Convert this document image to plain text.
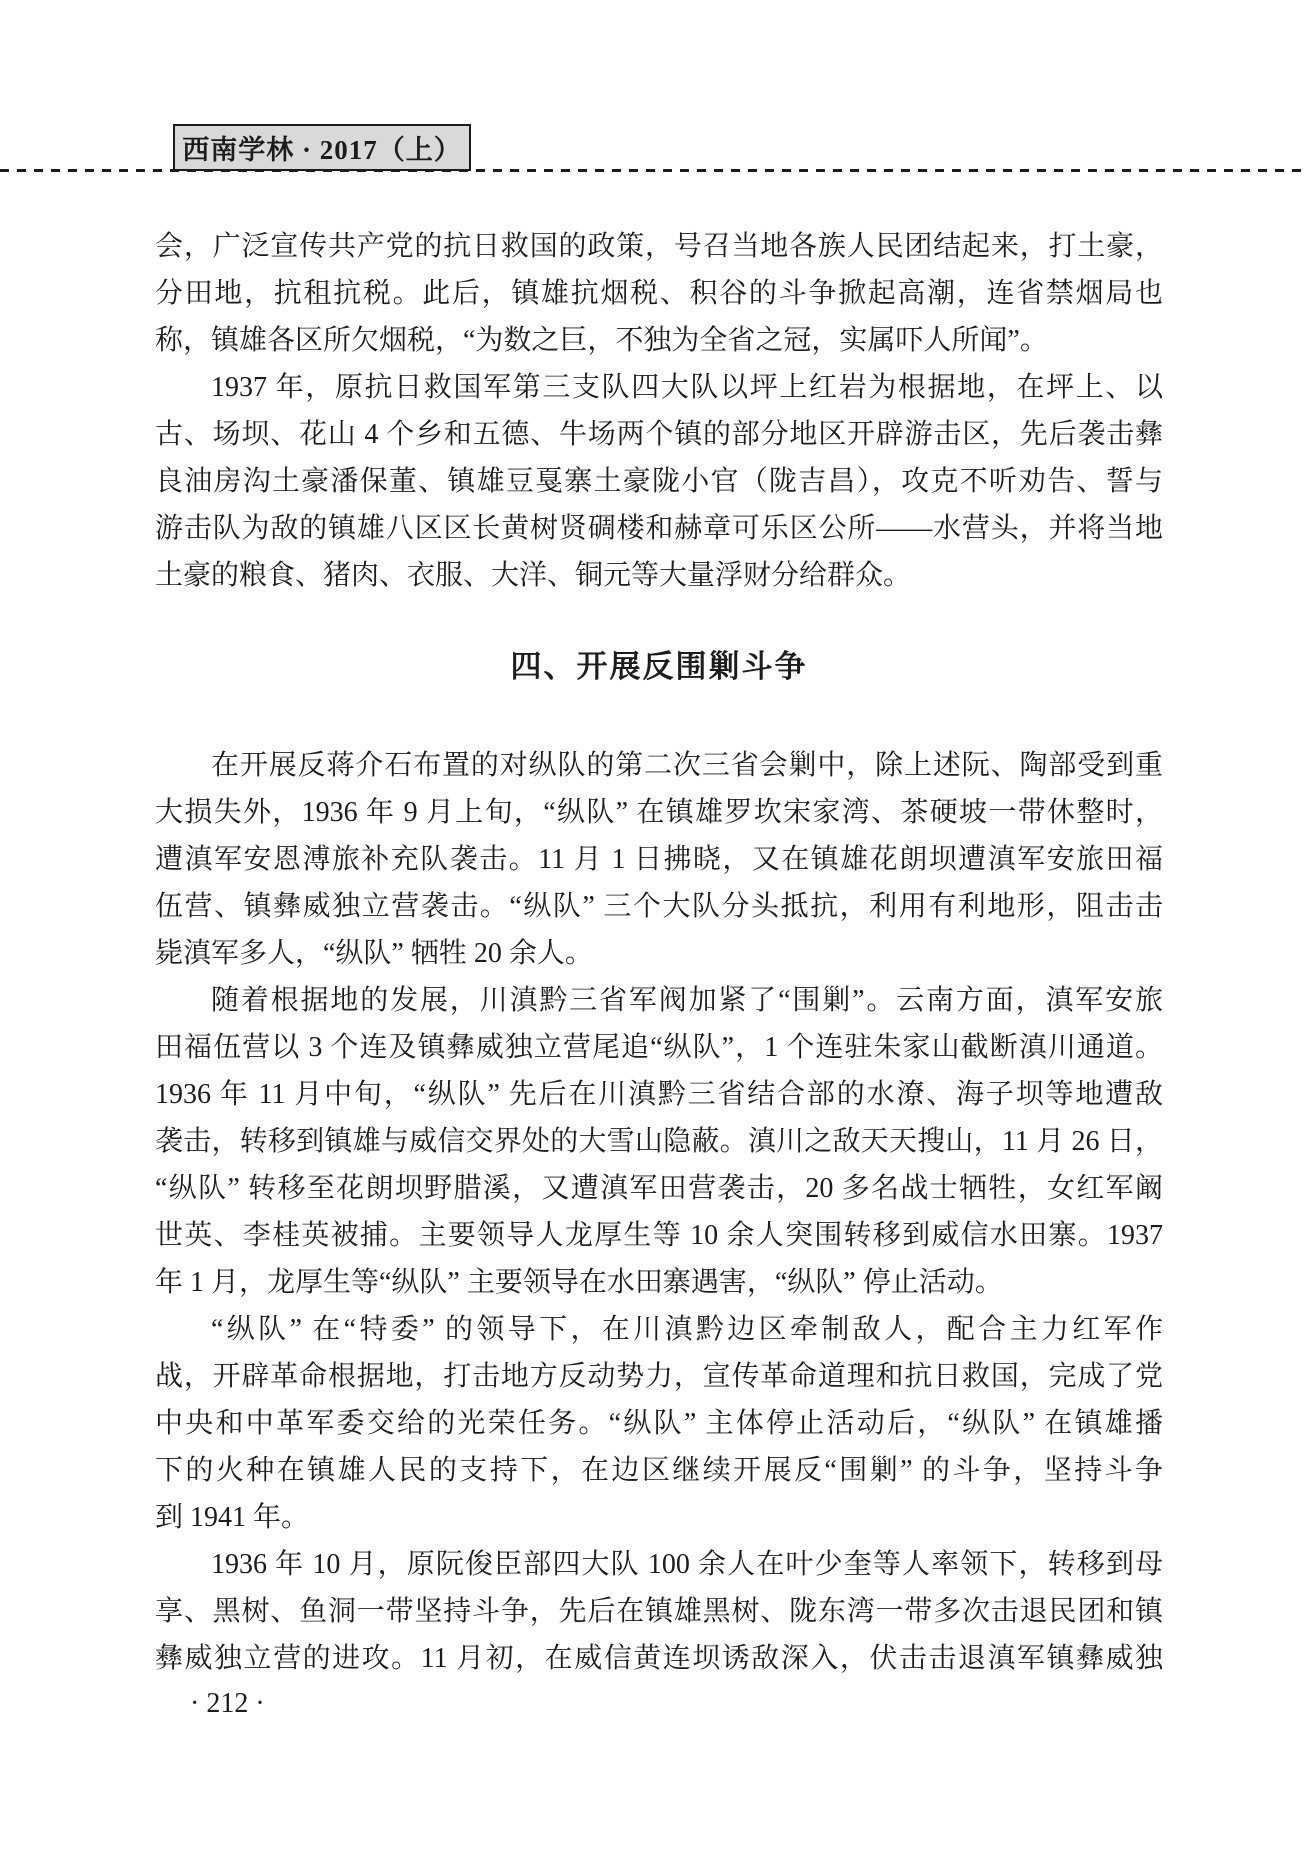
西南学林 · 2017（上）
会，广泛宣传共产党的抗日救国的政策，号召当地各族人民团结起来，打土豪，
分田地，抗租抗税。此后，镇雄抗烟税、积谷的斗争掀起高潮，连省禁烟局也
称，镇雄各区所欠烟税，“为数之巨，不独为全省之冠，实属吓人所闻”。
1937 年，原抗日救国军第三支队四大队以坪上红岩为根据地，在坪上、以
古、场坝、花山 4 个乡和五德、牛场两个镇的部分地区开辟游击区，先后袭击彝
良油房沟土豪潘保董、镇雄豆戛寨土豪陇小官（陇吉昌），攻克不听劝告、誓与
游击队为敌的镇雄八区区长黄树贤碉楼和赫章可乐区公所——水营头，并将当地
土豪的粮食、猪肉、衣服、大洋、铜元等大量浮财分给群众。
四、开展反围剿斗争
在开展反蒋介石布置的对纵队的第二次三省会剿中，除上述阮、陶部受到重
大损失外，1936 年 9 月上旬，“纵队” 在镇雄罗坎宋家湾、茶硬坡一带休整时，
遭滇军安恩溥旅补充队袭击。11 月 1 日拂晓，又在镇雄花朗坝遭滇军安旅田福
伍营、镇彝威独立营袭击。“纵队” 三个大队分头抵抗，利用有利地形，阻击击
毙滇军多人，“纵队” 牺牲 20 余人。
随着根据地的发展，川滇黔三省军阀加紧了“围剿”。云南方面，滇军安旅
田福伍营以 3 个连及镇彝威独立营尾追“纵队”，1 个连驻朱家山截断滇川通道。
1936 年 11 月中旬，“纵队” 先后在川滇黔三省结合部的水潦、海子坝等地遭敌
袭击，转移到镇雄与威信交界处的大雪山隐蔽。滇川之敌天天搜山，11 月 26 日，
“纵队” 转移至花朗坝野腊溪，又遭滇军田营袭击，20 多名战士牺牲，女红军阚
世英、李桂英被捕。主要领导人龙厚生等 10 余人突围转移到威信水田寨。1937
年 1 月，龙厚生等“纵队” 主要领导在水田寨遇害，“纵队” 停止活动。
“纵队” 在“特委” 的领导下，在川滇黔边区牵制敌人，配合主力红军作
战，开辟革命根据地，打击地方反动势力，宣传革命道理和抗日救国，完成了党
中央和中革军委交给的光荣任务。“纵队” 主体停止活动后，“纵队” 在镇雄播
下的火种在镇雄人民的支持下，在边区继续开展反“围剿” 的斗争，坚持斗争
到 1941 年。
1936 年 10 月，原阮俊臣部四大队 100 余人在叶少奎等人率领下，转移到母
享、黑树、鱼洞一带坚持斗争，先后在镇雄黑树、陇东湾一带多次击退民团和镇
彝威独立营的进攻。11 月初，在威信黄连坝诱敌深入，伏击击退滇军镇彝威独
· 212 ·
